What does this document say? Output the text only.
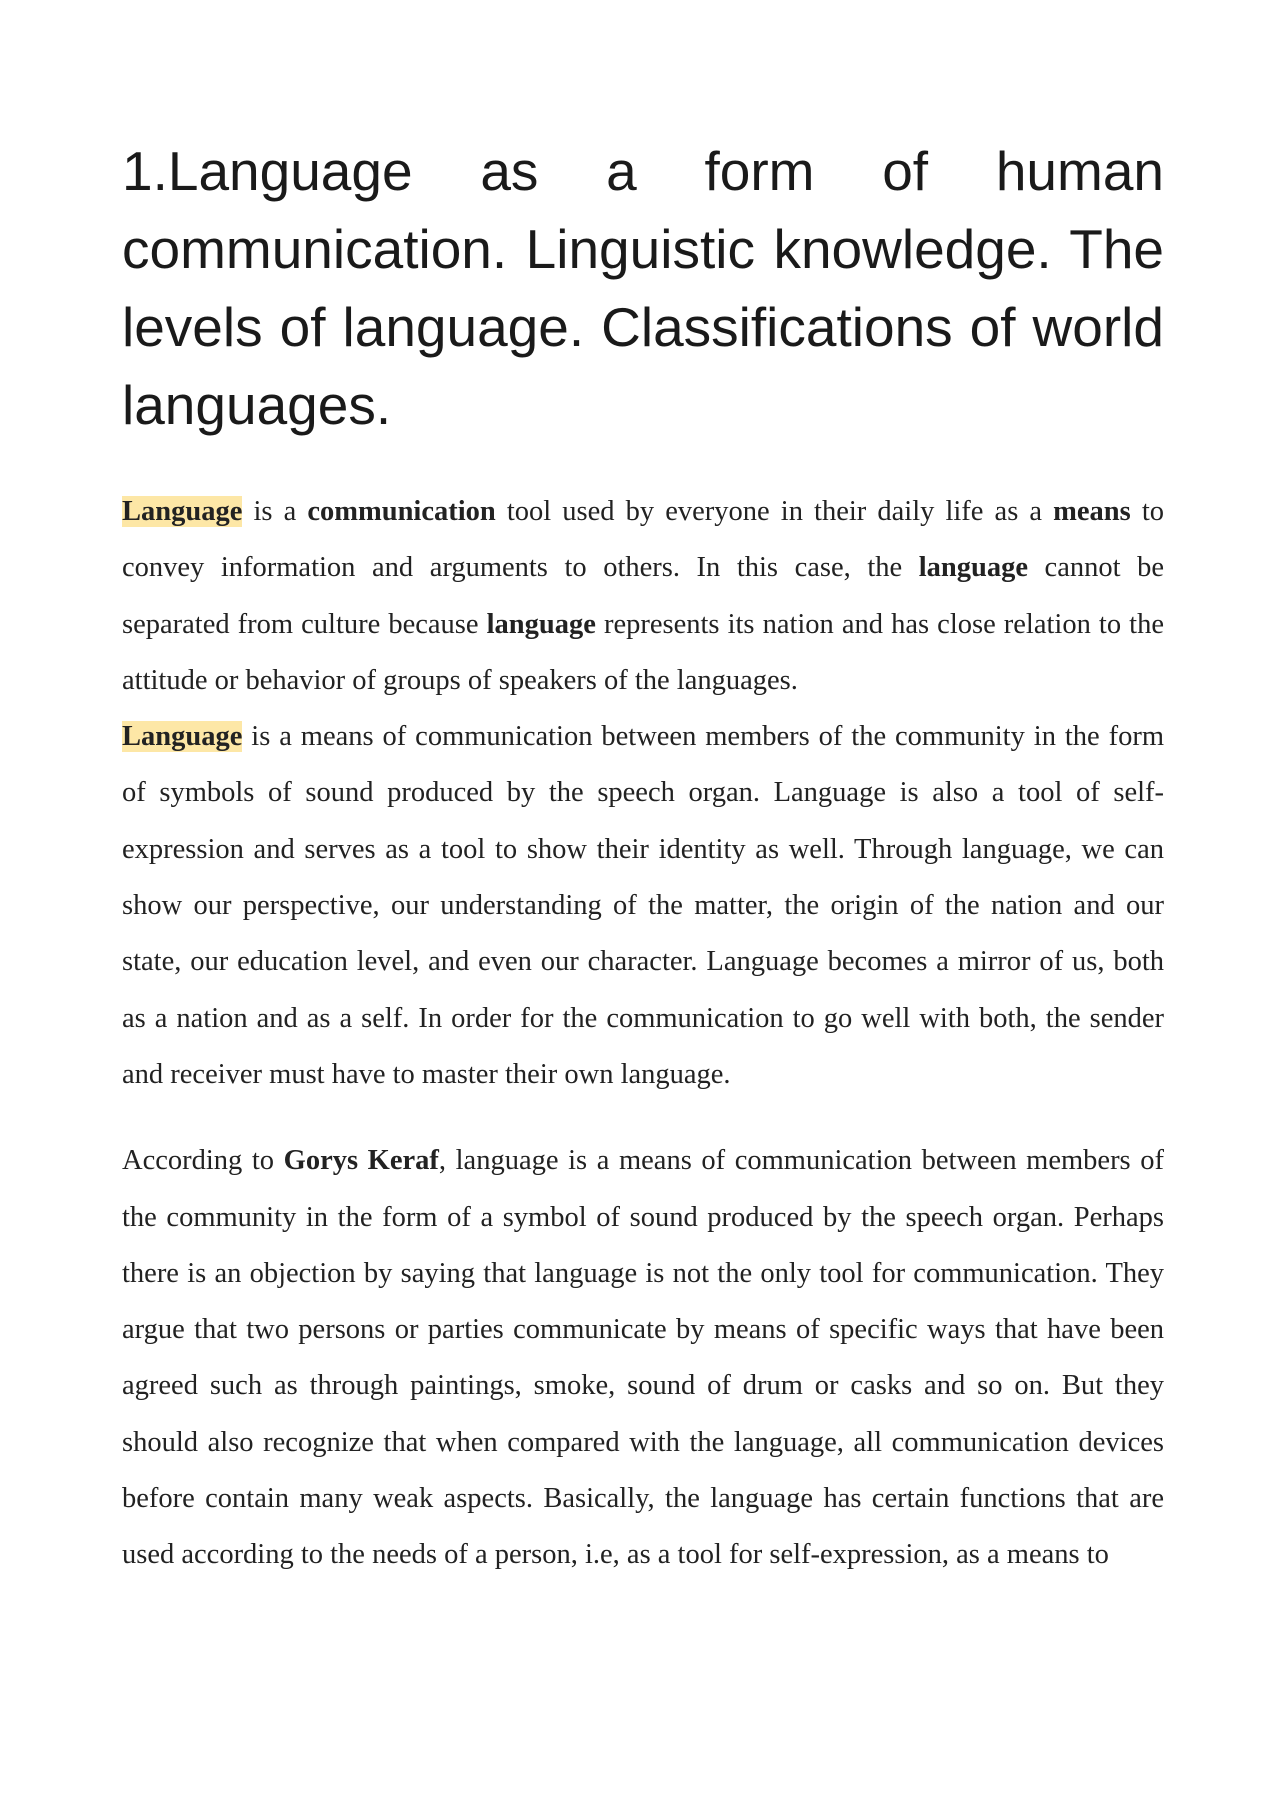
1.Language as a form of human communication. Linguistic knowledge. The levels of language. Classifications of world languages.

Language is a communication tool used by everyone in their daily life as a means to convey information and arguments to others. In this case, the language cannot be separated from culture because language represents its nation and has close relation to the attitude or behavior of groups of speakers of the languages.

Language is a means of communication between members of the community in the form of symbols of sound produced by the speech organ. Language is also a tool of self-expression and serves as a tool to show their identity as well. Through language, we can show our perspective, our understanding of the matter, the origin of the nation and our state, our education level, and even our character. Language becomes a mirror of us, both as a nation and as a self. In order for the communication to go well with both, the sender and receiver must have to master their own language.

According to Gorys Keraf, language is a means of communication between members of the community in the form of a symbol of sound produced by the speech organ. Perhaps there is an objection by saying that language is not the only tool for communication. They argue that two persons or parties communicate by means of specific ways that have been agreed such as through paintings, smoke, sound of drum or casks and so on. But they should also recognize that when compared with the language, all communication devices before contain many weak aspects. Basically, the language has certain functions that are used according to the needs of a person, i.e, as a tool for self-expression, as a means to
